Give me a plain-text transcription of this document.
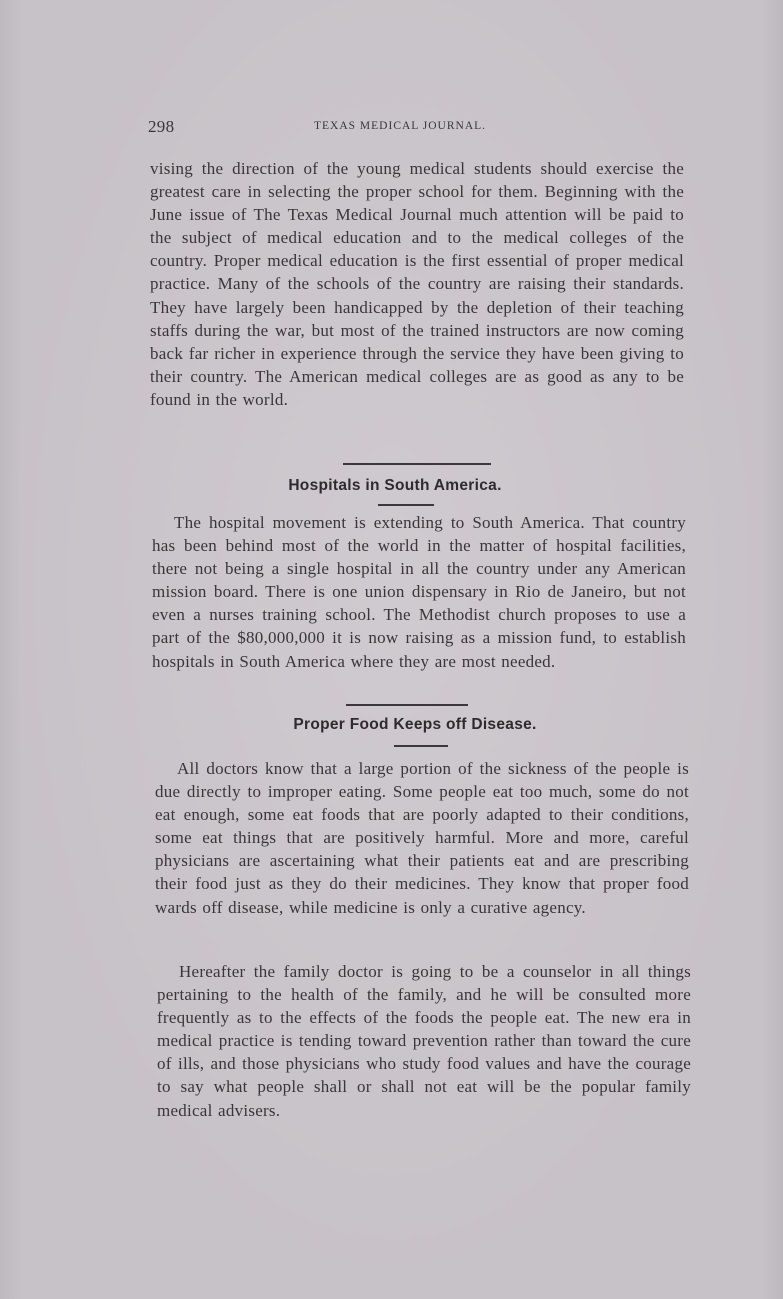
298	TEXAS MEDICAL JOURNAL.

vising the direction of the young medical students should exercise the greatest care in selecting the proper school for them. Beginning with the June issue of The Texas Medical Journal much attention will be paid to the subject of medical education and to the medical colleges of the country. Proper medical education is the first essential of proper medical practice. Many of the schools of the country are raising their standards. They have largely been handicapped by the depletion of their teaching staffs during the war, but most of the trained instructors are now coming back far richer in experience through the service they have been giving to their country. The American medical colleges are as good as any to be found in the world.

Hospitals in South America.

The hospital movement is extending to South America. That country has been behind most of the world in the matter of hospital facilities, there not being a single hospital in all the country under any American mission board. There is one union dispensary in Rio de Janeiro, but not even a nurses training school. The Methodist church proposes to use a part of the $80,000,000 it is now raising as a mission fund, to establish hospitals in South America where they are most needed.

Proper Food Keeps off Disease.

All doctors know that a large portion of the sickness of the people is due directly to improper eating. Some people eat too much, some do not eat enough, some eat foods that are poorly adapted to their conditions, some eat things that are positively harmful. More and more, careful physicians are ascertaining what their patients eat and are prescribing their food just as they do their medicines. They know that proper food wards off disease, while medicine is only a curative agency.

Hereafter the family doctor is going to be a counselor in all things pertaining to the health of the family, and he will be consulted more frequently as to the effects of the foods the people eat. The new era in medical practice is tending toward prevention rather than toward the cure of ills, and those physicians who study food values and have the courage to say what people shall or shall not eat will be the popular family medical advisers.
